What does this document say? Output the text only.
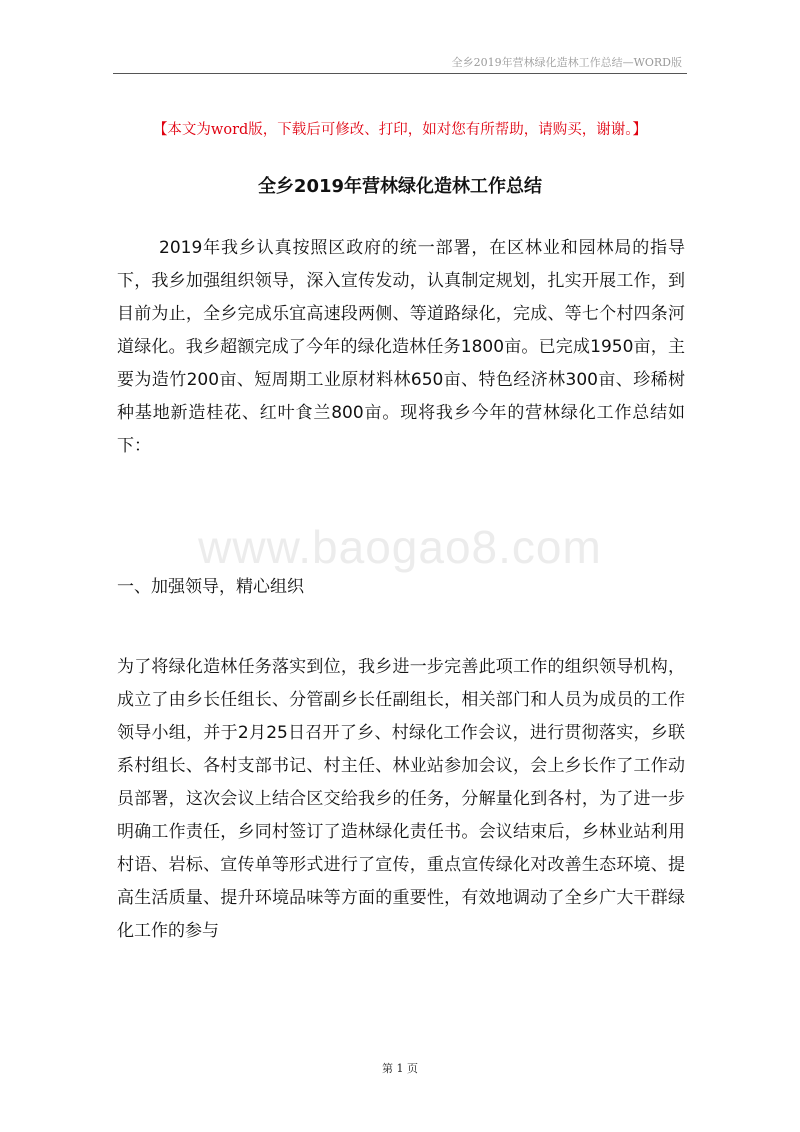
全乡2019年营林绿化造林工作总结—WORD版
【本文为word版，下载后可修改、打印，如对您有所帮助，请购买，谢谢。】
全乡2019年营林绿化造林工作总结
2019年我乡认真按照区政府的统一部署，在区林业和园林局的指导下，我乡加强组织领导，深入宣传发动，认真制定规划，扎实开展工作，到目前为止，全乡完成乐宜高速段两侧、等道路绿化，完成、等七个村四条河道绿化。我乡超额完成了今年的绿化造林任务1800亩。已完成1950亩，主要为造竹200亩、短周期工业原材料林650亩、特色经济林300亩、珍稀树种基地新造桂花、红叶食兰800亩。现将我乡今年的营林绿化工作总结如下：
www.baogao8.com
一、加强领导，精心组织
为了将绿化造林任务落实到位，我乡进一步完善此项工作的组织领导机构，成立了由乡长任组长、分管副乡长任副组长，相关部门和人员为成员的工作领导小组，并于2月25日召开了乡、村绿化工作会议，进行贯彻落实，乡联系村组长、各村支部书记、村主任、林业站参加会议，会上乡长作了工作动员部署，这次会议上结合区交给我乡的任务，分解量化到各村，为了进一步明确工作责任，乡同村签订了造林绿化责任书。会议结束后，乡林业站利用村语、岩标、宣传单等形式进行了宣传，重点宣传绿化对改善生态环境、提高生活质量、提升环境品味等方面的重要性，有效地调动了全乡广大干群绿化工作的参与
第 1 页
